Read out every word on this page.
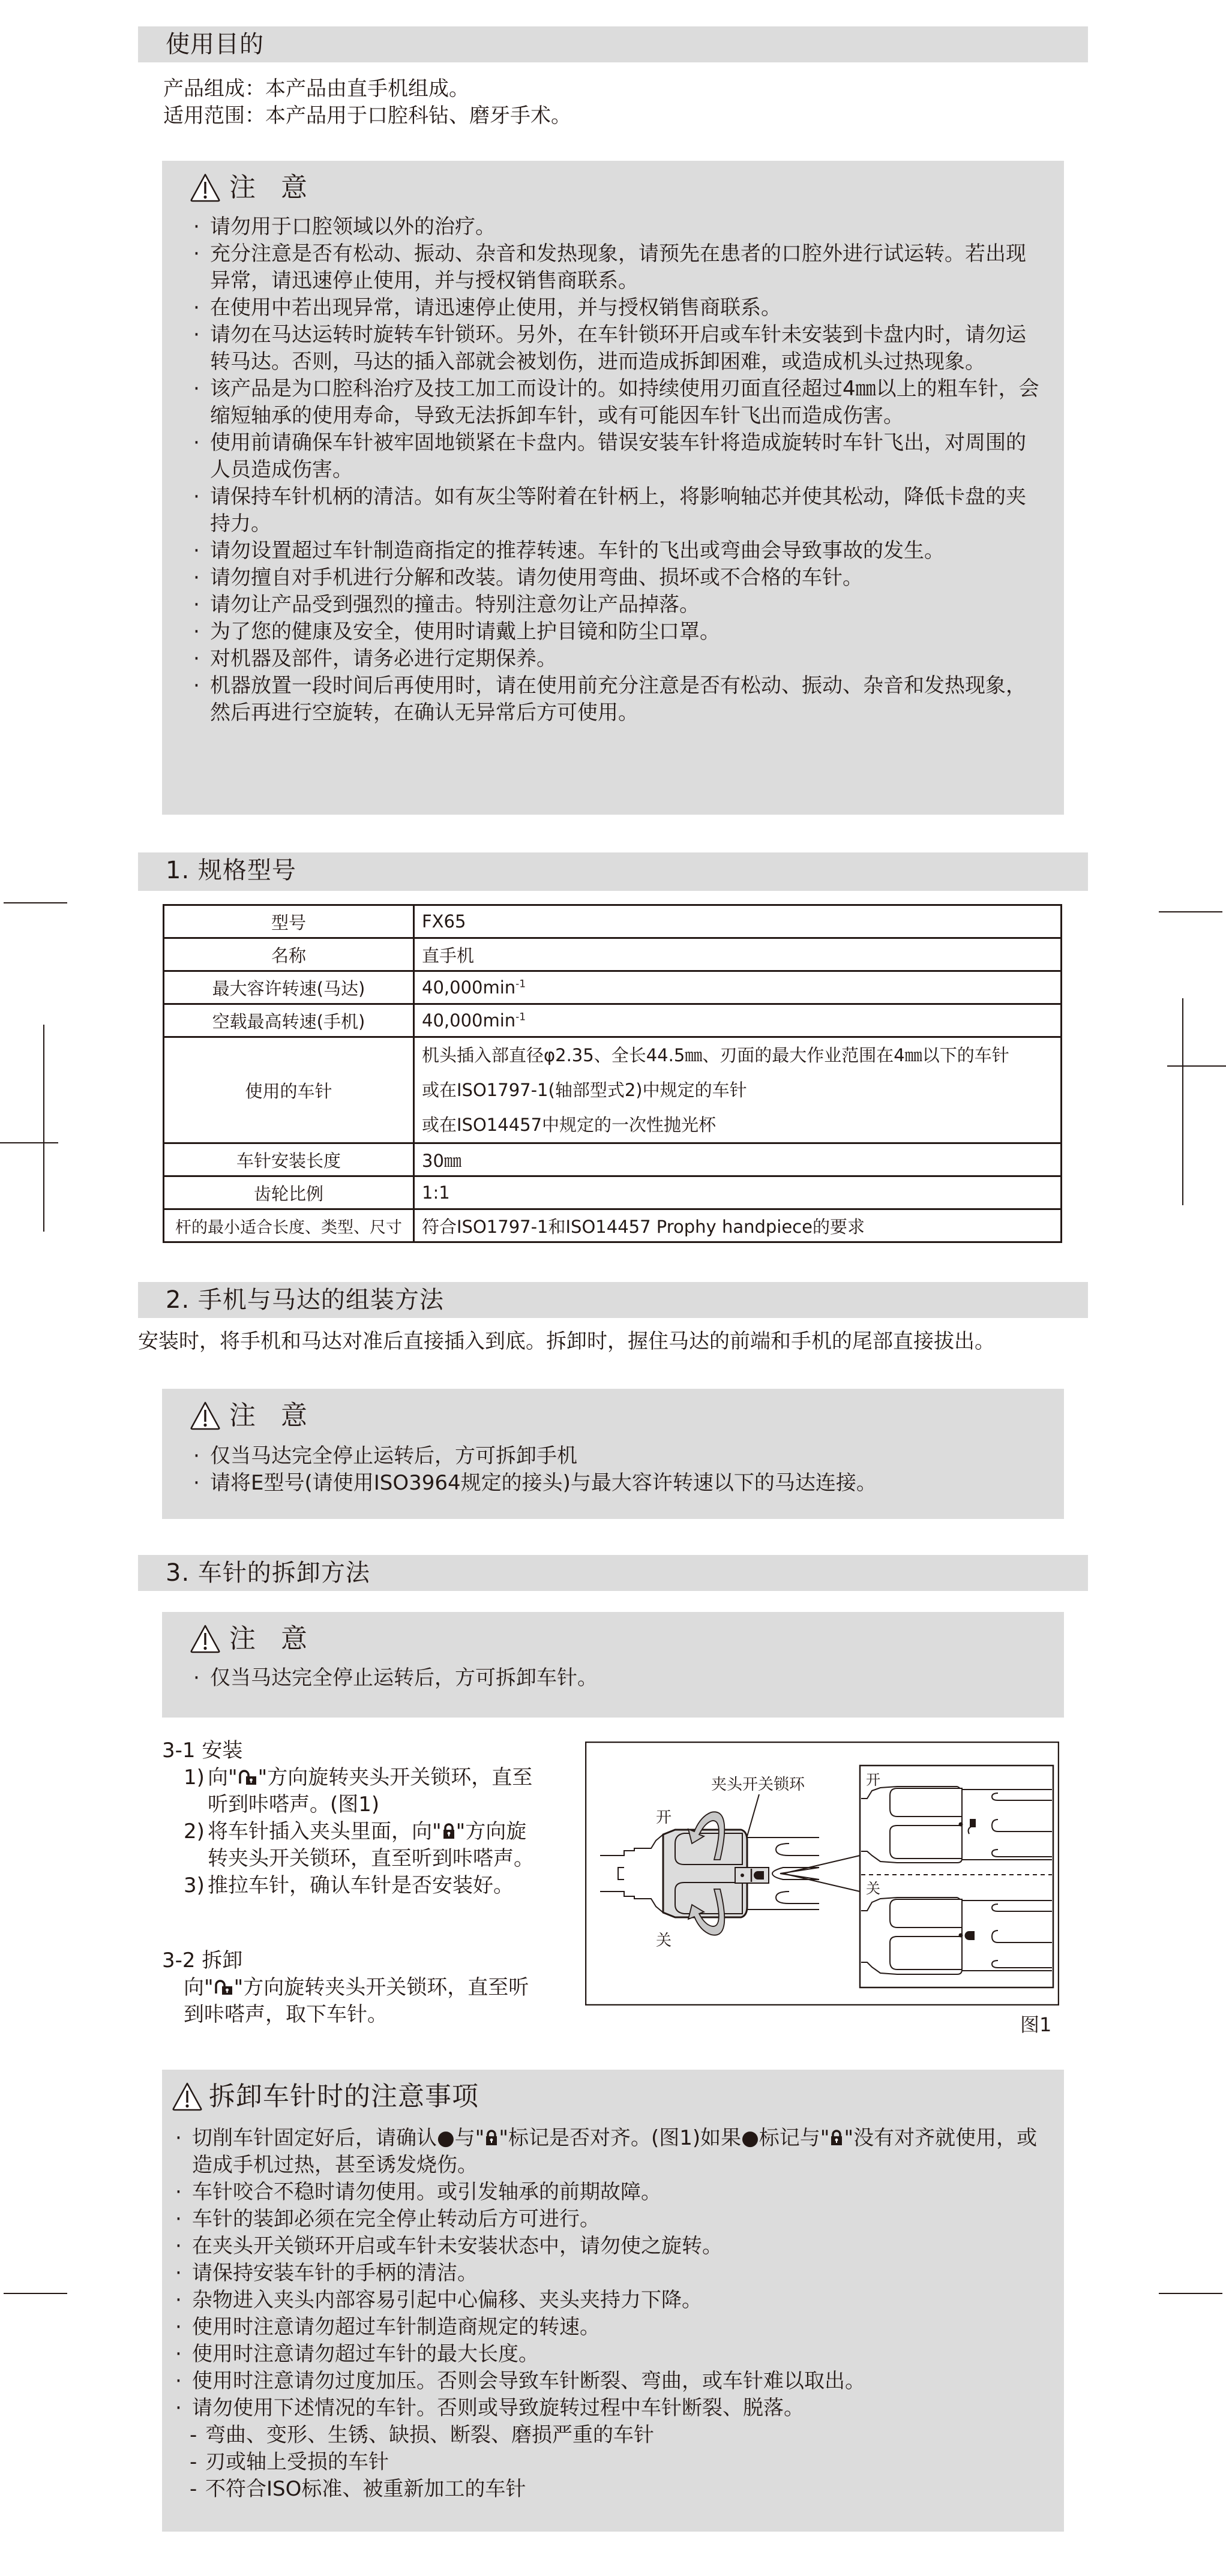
使用目的
产品组成：本产品由直手机组成。
适用范围：本产品用于口腔科钻、磨牙手术。
注 意
· 请勿用于口腔领域以外的治疗。
· 充分注意是否有松动、振动、杂音和发热现象，请预先在患者的口腔外进行试运转。若出现异常，请迅速停止使用，并与授权销售商联系。
· 在使用中若出现异常，请迅速停止使用，并与授权销售商联系。
· 请勿在马达运转时旋转车针锁环。另外，在车针锁环开启或车针未安装到卡盘内时，请勿运转马达。否则，马达的插入部就会被划伤，进而造成拆卸困难，或造成机头过热现象。
· 该产品是为口腔科治疗及技工加工而设计的。如持续使用刃面直径超过4㎜以上的粗车针，会缩短轴承的使用寿命，导致无法拆卸车针，或有可能因车针飞出而造成伤害。
· 使用前请确保车针被牢固地锁紧在卡盘内。错误安装车针将造成旋转时车针飞出，对周围的人员造成伤害。
· 请保持车针机柄的清洁。如有灰尘等附着在针柄上，将影响轴芯并使其松动，降低卡盘的夹持力。
· 请勿设置超过车针制造商指定的推荐转速。车针的飞出或弯曲会导致事故的发生。
· 请勿擅自对手机进行分解和改装。请勿使用弯曲、损坏或不合格的车针。
· 请勿让产品受到强烈的撞击。特别注意勿让产品掉落。
· 为了您的健康及安全，使用时请戴上护目镜和防尘口罩。
· 对机器及部件，请务必进行定期保养。
· 机器放置一段时间后再使用时，请在使用前充分注意是否有松动、振动、杂音和发热现象，然后再进行空旋转，在确认无异常后方可使用。
1. 规格型号
型号	FX65
名称	直手机
最大容许转速(马达)	$40,000\min^{-1}$
空载最高转速(手机)	$40,000\min^{-1}$
使用的车针	机头插入部直径φ2.35、全长44.5㎜、刃面的最大作业范围在4㎜以下的车针
或在ISO1797-1(轴部型式2)中规定的车针
或在ISO14457中规定的一次性抛光杯

车针安装长度	30㎜
齿轮比例	1:1
杆的最小适合长度、类型、尺寸	符合ISO1797-1和ISO14457 Prophy handpiece的要求
2. 手机与马达的组装方法
安装时，将手机和马达对准后直接插入到底。拆卸时，握住马达的前端和手机的尾部直接拔出。
注 意
· 仅当马达完全停止运转后，方可拆卸手机
· 请将E型号(请使用ISO3964规定的接头)与最大容许转速以下的马达连接。
3. 车针的拆卸方法
注 意
· 仅当马达完全停止运转后，方可拆卸车针。
3-1 安装
1) 向" "方向旋转夹头开关锁环，直至听到咔嗒声。(图1)
2) 将车针插入夹头里面，向" "方向旋转夹头开关锁环，直至听到咔嗒声。
3) 推拉车针，确认车针是否安装好。
3-2 拆卸
向" "方向旋转夹头开关锁环，直至听到咔嗒声，取下车针。
夹头开关锁环
开
关
开
关
图1
拆卸车针时的注意事项
· 切削车针固定好后，请确认●与" "标记是否对齐。(图1)如果●标记与" "没有对齐就使用，或造成手机过热，甚至诱发烧伤。
· 车针咬合不稳时请勿使用。或引发轴承的前期故障。
· 车针的装卸必须在完全停止转动后方可进行。
· 在夹头开关锁环开启或车针未安装状态中，请勿使之旋转。
· 请保持安装车针的手柄的清洁。
· 杂物进入夹头内部容易引起中心偏移、夹头夹持力下降。
· 使用时注意请勿超过车针制造商规定的转速。
· 使用时注意请勿超过车针的最大长度。
· 使用时注意请勿过度加压。否则会导致车针断裂、弯曲，或车针难以取出。
· 请勿使用下述情况的车针。否则或导致旋转过程中车针断裂、脱落。
- 弯曲、变形、生锈、缺损、断裂、磨损严重的车针
- 刃或轴上受损的车针
- 不符合ISO标准、被重新加工的车针
